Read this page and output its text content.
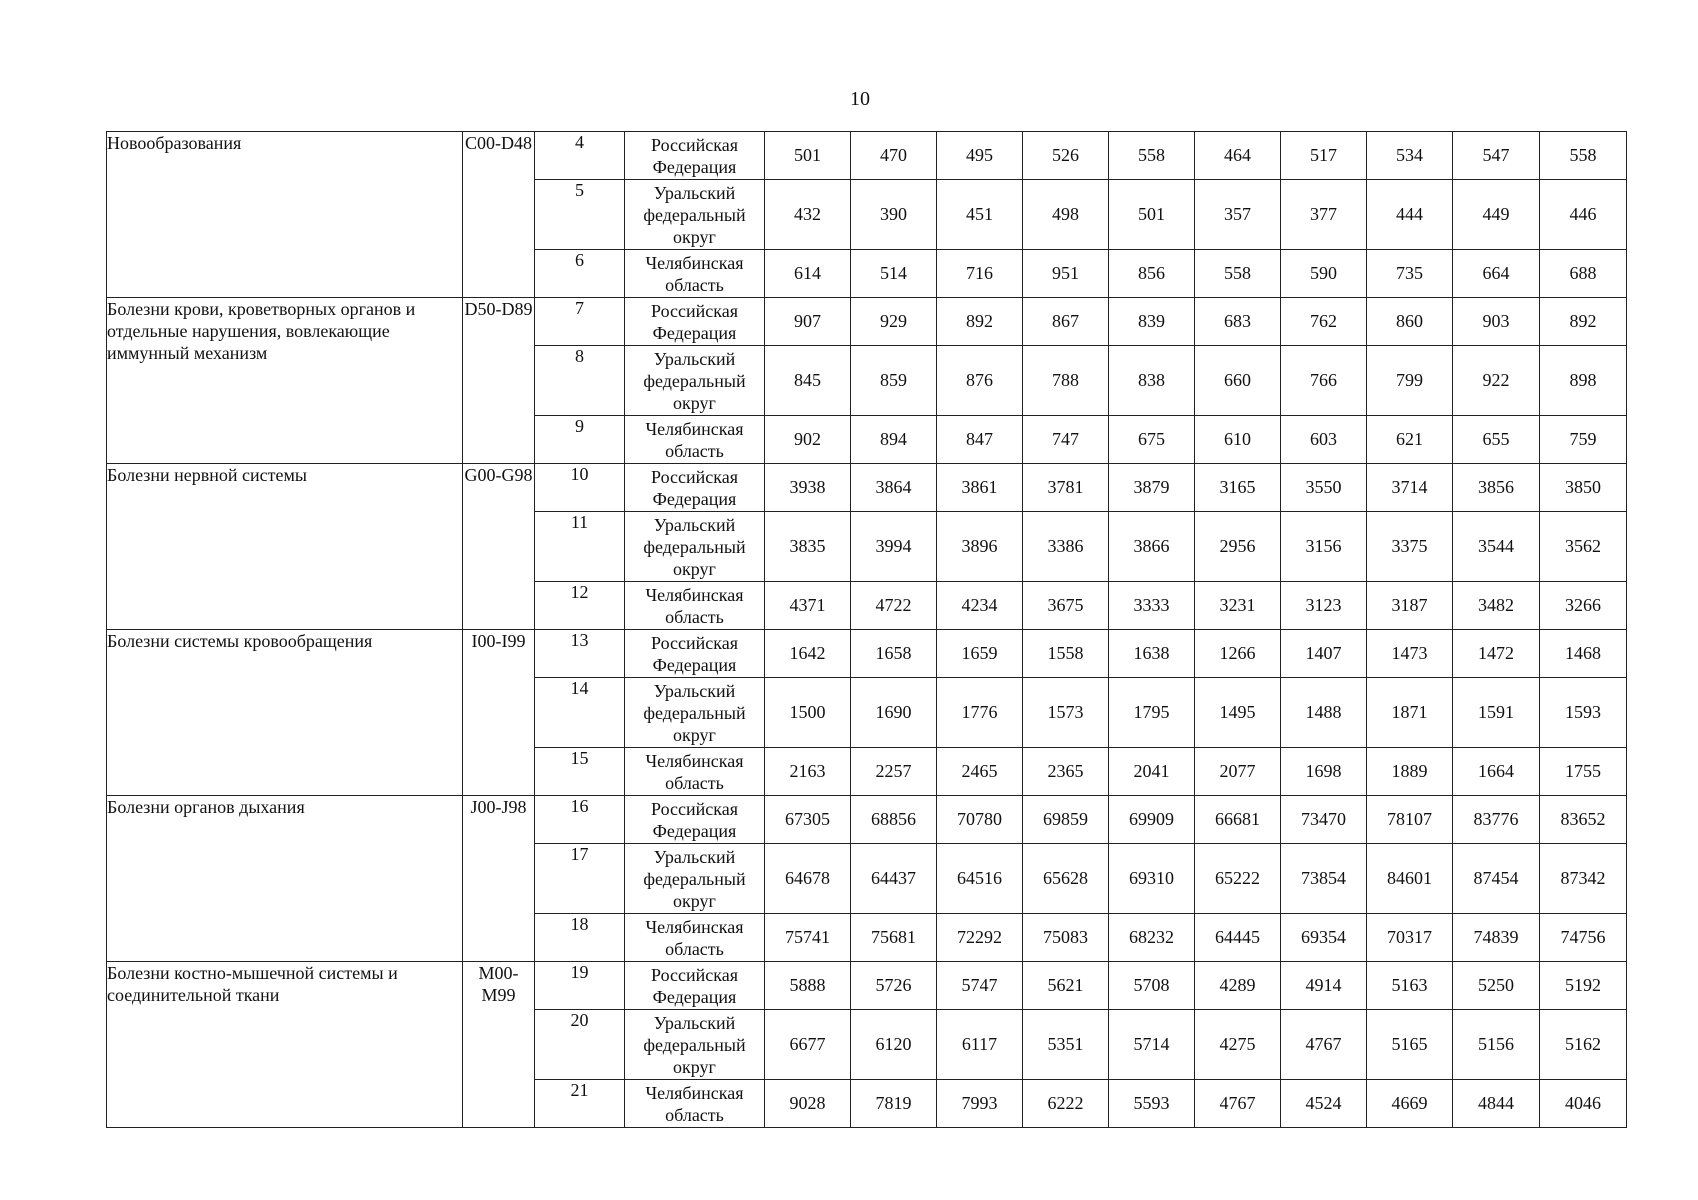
10
Новообразования	C00-D48	4	Российская Федерация	501	470	495	526	558	464	517	534	547	558
		5	Уральский федеральный округ	432	390	451	498	501	357	377	444	449	446
		6	Челябинская область	614	514	716	951	856	558	590	735	664	688
Болезни крови, кроветворных органов и отдельные нарушения, вовлекающие иммунный механизм	D50-D89	7	Российская Федерация	907	929	892	867	839	683	762	860	903	892
		8	Уральский федеральный округ	845	859	876	788	838	660	766	799	922	898
		9	Челябинская область	902	894	847	747	675	610	603	621	655	759
Болезни нервной системы	G00-G98	10	Российская Федерация	3938	3864	3861	3781	3879	3165	3550	3714	3856	3850
		11	Уральский федеральный округ	3835	3994	3896	3386	3866	2956	3156	3375	3544	3562
		12	Челябинская область	4371	4722	4234	3675	3333	3231	3123	3187	3482	3266
Болезни системы кровообращения	I00-I99	13	Российская Федерация	1642	1658	1659	1558	1638	1266	1407	1473	1472	1468
		14	Уральский федеральный округ	1500	1690	1776	1573	1795	1495	1488	1871	1591	1593
		15	Челябинская область	2163	2257	2465	2365	2041	2077	1698	1889	1664	1755
Болезни органов дыхания	J00-J98	16	Российская Федерация	67305	68856	70780	69859	69909	66681	73470	78107	83776	83652
		17	Уральский федеральный округ	64678	64437	64516	65628	69310	65222	73854	84601	87454	87342
		18	Челябинская область	75741	75681	72292	75083	68232	64445	69354	70317	74839	74756
Болезни костно-мышечной системы и соединительной ткани	M00-M99	19	Российская Федерация	5888	5726	5747	5621	5708	4289	4914	5163	5250	5192
		20	Уральский федеральный округ	6677	6120	6117	5351	5714	4275	4767	5165	5156	5162
		21	Челябинская область	9028	7819	7993	6222	5593	4767	4524	4669	4844	4046
